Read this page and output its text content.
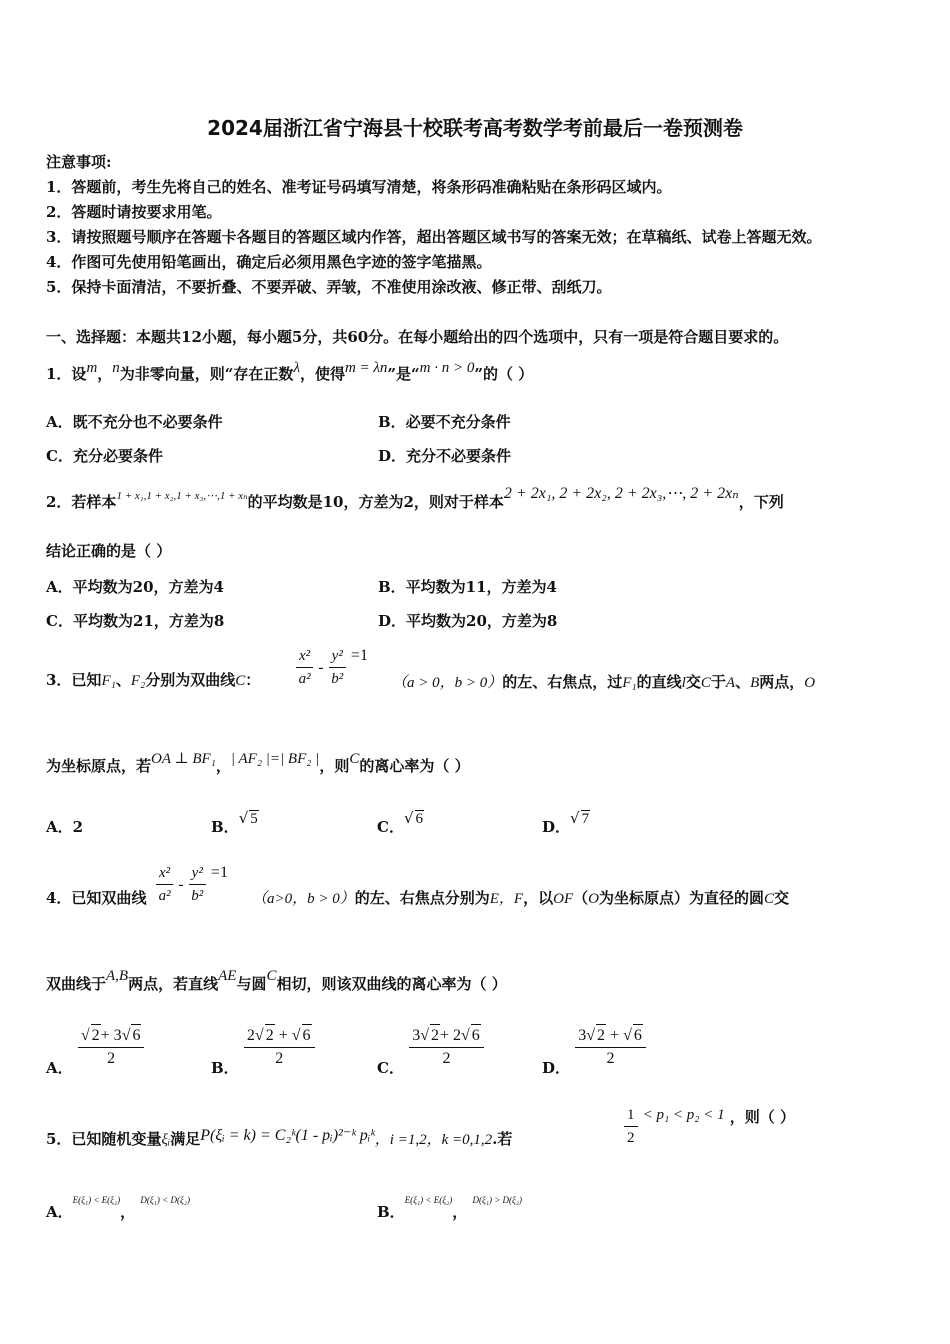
2024届浙江省宁海县十校联考高考数学考前最后一卷预测卷
注意事项:
1．答题前，考生先将自己的姓名、准考证号码填写清楚，将条形码准确粘贴在条形码区域内。
2．答题时请按要求用笔。
3．请按照题号顺序在答题卡各题目的答题区域内作答，超出答题区域书写的答案无效；在草稿纸、试卷上答题无效。
4．作图可先使用铅笔画出，确定后必须用黑色字迹的签字笔描黑。
5．保持卡面清洁，不要折叠、不要弄破、弄皱，不准使用涂改液、修正带、刮纸刀。
一、选择题：本题共12小题，每小题5分，共60分。在每小题给出的四个选项中，只有一项是符合题目要求的。
1．设m，n为非零向量，则“存在正数λ，使得m = λn”是“m · n > 0”的（ ）
A．既不充分也不必要条件	B．必要不充分条件
C．充分必要条件	D．充分不必要条件
2．若样本$^{1 + x_1,1 + x_2,1 + x_3,\cdots,1 + x_n}$的平均数是10，方差为2，则对于样本2 + 2x₁, 2 + 2x₂, 2 + 2x₃,⋯, 2 + 2xₙ，下列
结论正确的是（ ）
A．平均数为20，方差为4	B．平均数为11，方差为4
C．平均数为21，方差为8	D．平均数为20，方差为8
3．已知F₁、F₂分别为双曲线C： $\frac{\text{x²}}{\text{a²}} - \frac{\text{y²}}{\text{b²}} =1$
（a > 0，b > 0）的左、右焦点，过F₁的直线l交C于A、B两点，O
为坐标原点，若OA ⊥ BF₁，| AF₂ |=| BF₂ |，则C的离心率为（ ）
A．2	B．√ 5	C．√ 6	D．√ 7
4．已知双曲线 $\frac{\text{x²}}{\text{a²}} - \frac{\text{y²}}{\text{b²}} =1$
（a>0，b > 0）的左、右焦点分别为E，F，以OF（O为坐标原点）为直径的圆C交
双曲线于A,B两点，若直线AE与圆C相切，则该双曲线的离心率为（ ）
A． $\frac{√ 2+ 3√ 6}{2}$	B． $\frac{2√ 2 + √ 6}{2}$	C． $\frac{3√ 2+ 2√ 6}{2}$	D． $\frac{3√ 2 + √ 6}{2}$
5．已知随机变量ξᵢ满足P(ξᵢ = k) = C₂ᵏ(1 - pᵢ)²⁻ᵏ pᵢᵏ，i =1,2，k =0,1,2.若	$\frac{1}{2} < p_1 < p_2 < 1$ ，则（ ）
A．$^{E(\xi_1) < E(\xi_2)}$， $^{D(\xi_1) < D(\xi_2)}$
B．$^{E(\xi_1) < E(\xi_2)}$， $^{D(\xi_1) > D(\xi_2)}$
